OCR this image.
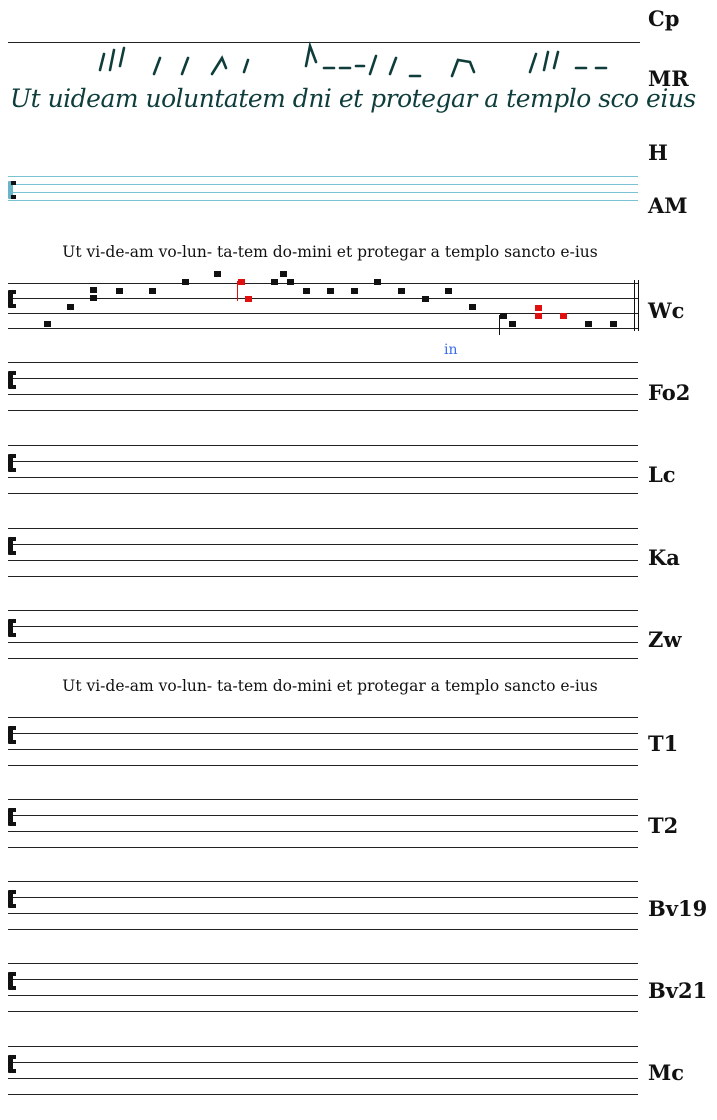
Cp
MR
H
AM
Wc
Fo2
Lc
Ka
Zw
T1
T2
Bv19
Bv21
Mc
Ut uideam uoluntatem dni et protegar a templo sco eius
Ut vi-de-am vo-lun- ta-tem do-mini et protegar a templo sancto e-ius
in
Ut vi-de-am vo-lun- ta-tem do-mini et protegar a templo sancto e-ius
